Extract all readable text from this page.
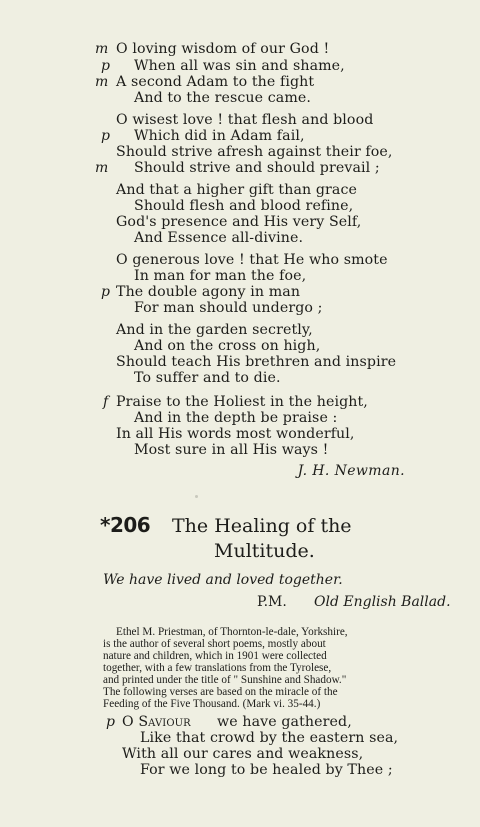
m O loving wisdom of our God !
p When all was sin and shame,
m A second Adam to the fight
And to the rescue came.
O wisest love ! that flesh and blood
p Which did in Adam fail,
Should strive afresh against their foe,
m Should strive and should prevail ;
And that a higher gift than grace
Should flesh and blood refine,
God's presence and His very Self,
And Essence all-divine.
O generous love ! that He who smote
In man for man the foe,
p The double agony in man
For man should undergo ;
And in the garden secretly,
And on the cross on high,
Should teach His brethren and inspire
To suffer and to die.
f Praise to the Holiest in the height,
And in the depth be praise :
In all His words most wonderful,
Most sure in all His ways !
J. H. Newman.
*206 The Healing of the
Multitude.
We have lived and loved together.
P.M. Old English Ballad.
Ethel M. Priestman, of Thornton-le-dale, Yorkshire,
is the author of several short poems, mostly about
nature and children, which in 1901 were collected
together, with a few translations from the Tyrolese,
and printed under the title of " Sunshine and Shadow."
The following verses are based on the miracle of the
Feeding of the Five Thousand. (Mark vi. 35-44.)
p O Saviour we have gathered,
Like that crowd by the eastern sea,
With all our cares and weakness,
For we long to be healed by Thee ;
